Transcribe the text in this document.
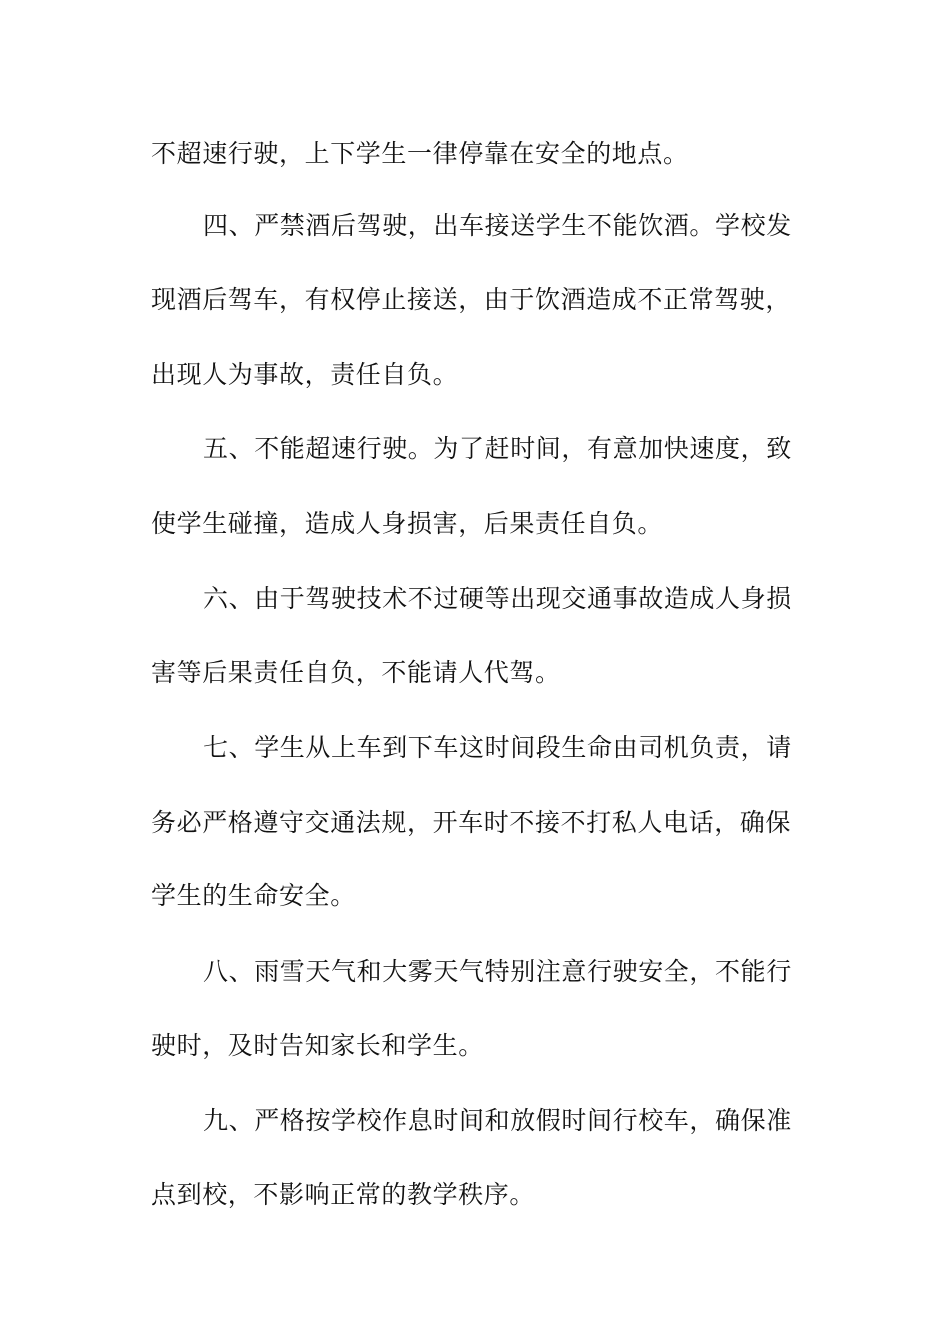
不超速行驶，上下学生一律停靠在安全的地点。
四、严禁酒后驾驶，出车接送学生不能饮酒。学校发
现酒后驾车，有权停止接送，由于饮酒造成不正常驾驶，
出现人为事故，责任自负。
五、不能超速行驶。为了赶时间，有意加快速度，致
使学生碰撞，造成人身损害，后果责任自负。
六、由于驾驶技术不过硬等出现交通事故造成人身损
害等后果责任自负，不能请人代驾。
七、学生从上车到下车这时间段生命由司机负责，请
务必严格遵守交通法规，开车时不接不打私人电话，确保
学生的生命安全。
八、雨雪天气和大雾天气特别注意行驶安全，不能行
驶时，及时告知家长和学生。
九、严格按学校作息时间和放假时间行校车，确保准
点到校，不影响正常的教学秩序。
